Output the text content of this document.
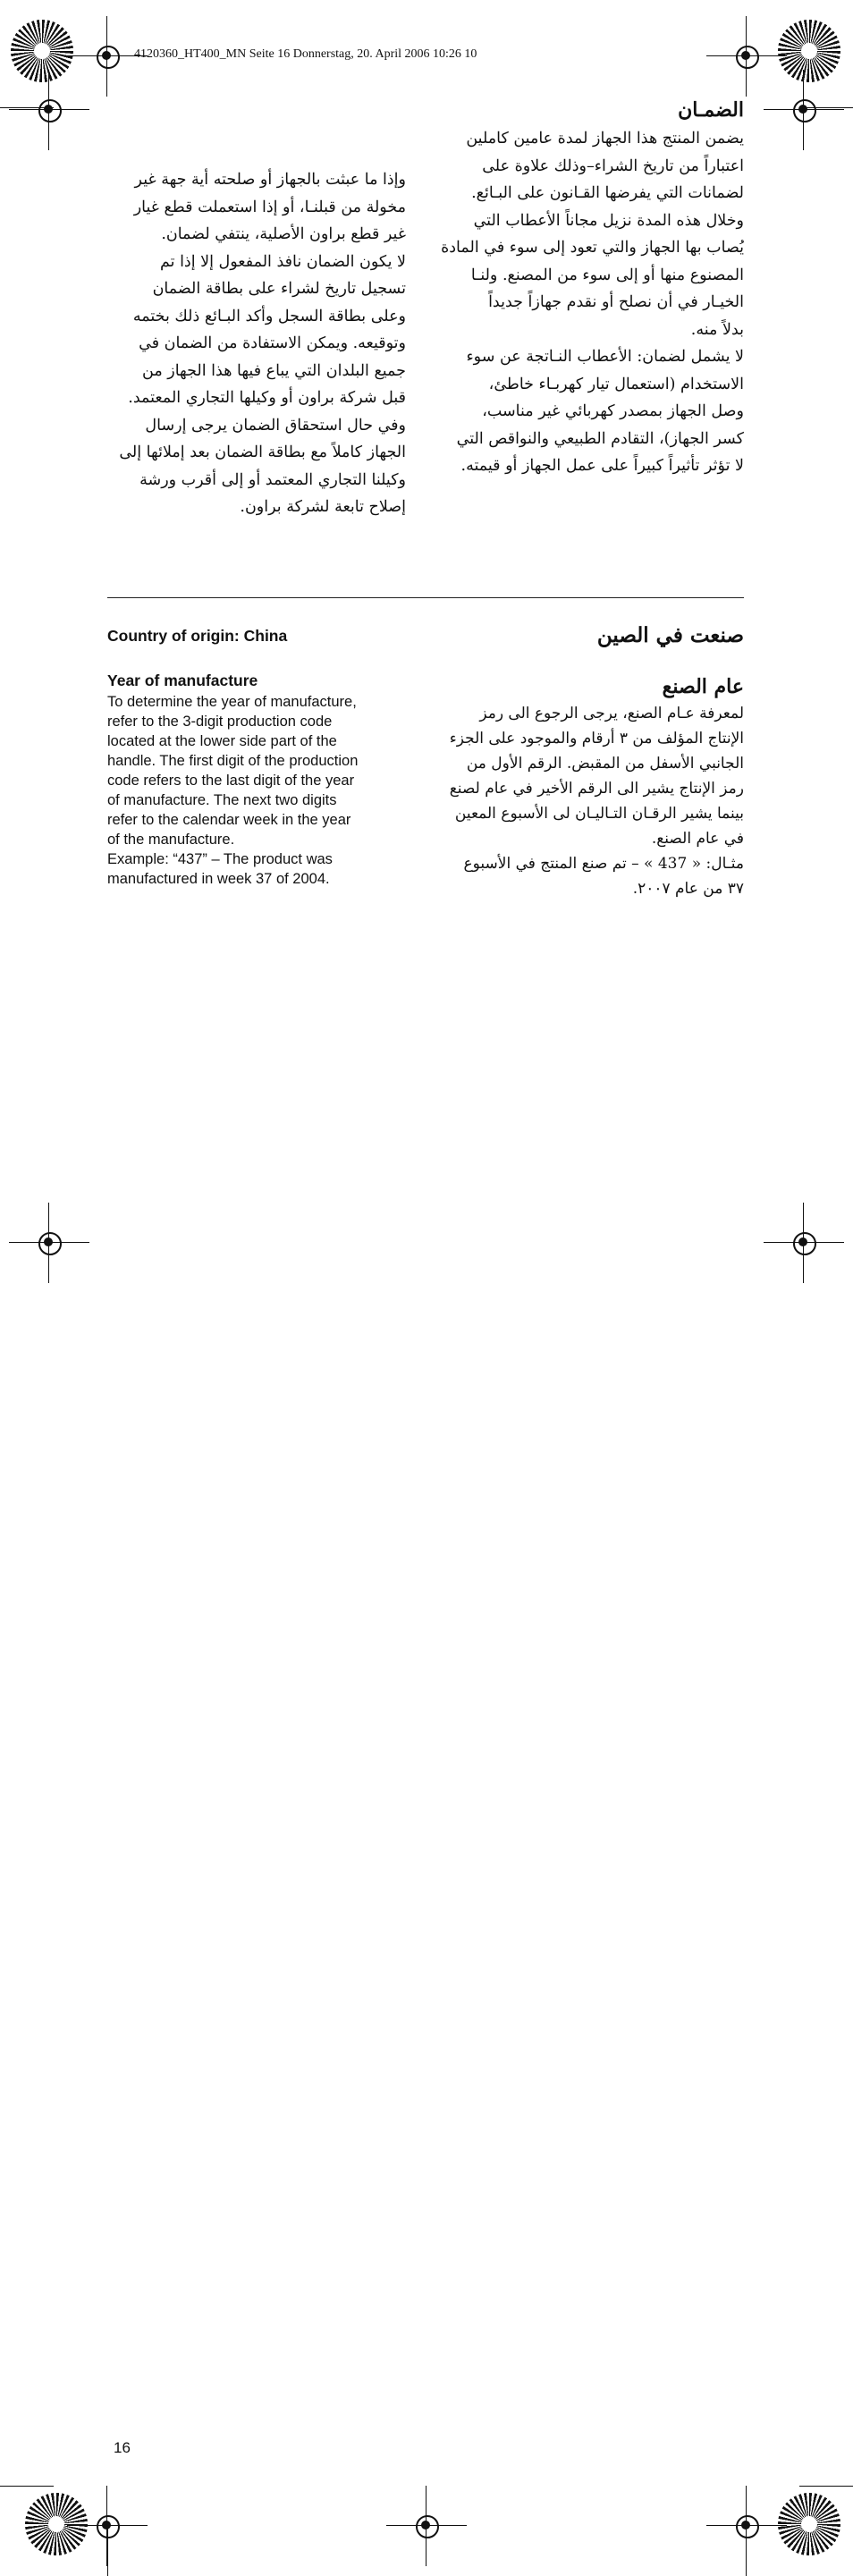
4120360_HT400_MN Seite 16 Donnerstag, 20. April 2006 10:26 10
الضمـان
يضمن المنتج هذا الجهاز لمدة عامين كاملين
اعتباراً من تاريخ الشراء–وذلك علاوة على
لضمانات التي يفرضها القـانون على البـائع.
وخلال هذه المدة نزيل مجاناً الأعطاب التي
يُصاب بها الجهاز والتي تعود إلى سوء في المادة
المصنوع منها أو إلى سوء من المصنع. ولنـا
الخيـار في أن نصلح أو نقدم جهازاً جديداً
بدلاً منه.
لا يشمل لضمان: الأعطاب النـاتجة عن سوء
الاستخدام (استعمال تيار كهربـاء خاطئ،
وصل الجهاز بمصدر كهربائي غير مناسب،
كسر الجهاز)، التقادم الطبيعي والنواقص التي
لا تؤثر تأثيراً كبيراً على عمل الجهاز أو قيمته.
وإذا ما عبثت بالجهاز أو صلحته أية جهة غير
مخولة من قبلنـا، أو إذا استعملت قطع غيار
غير قطع براون الأصلية، ينتفي لضمان.
لا يكون الضمان نافذ المفعول إلا إذا تم
تسجيل تاريخ لشراء على بطاقة الضمان
وعلى بطاقة السجل وأكد البـائع ذلك بختمه
وتوقيعه. ويمكن الاستفادة من الضمان في
جميع البلدان التي يباع فيها هذا الجهاز من
قبل شركة براون أو وكيلها التجاري المعتمد.
وفي حال استحقاق الضمان يرجى إرسال
الجهاز كاملاً مع بطاقة الضمان بعد إملائها إلى
وكيلنا التجاري المعتمد أو إلى أقرب ورشة
إصلاح تابعة لشركة براون.
Country of origin: China	صنعت في الصين
Year of manufacture
To determine the year of manufacture,
refer to the 3-digit production code
located at the lower side part of the
handle. The first digit of the production
code refers to the last digit of the year
of manufacture. The next two digits
refer to the calendar week in the year
of the manufacture.
Example: “437” – The product was
manufactured in week 37 of 2004.
عام الصنع
لمعرفة عـام الصنع، يرجى الرجوع الى رمز
الإنتاج المؤلف من ٣ أرقام والموجود على الجزء
الجانبي الأسفل من المقبض. الرقم الأول من
رمز الإنتاج يشير الى الرقم الأخير في عام لصنع
بينما يشير الرقـان التـاليـان لى الأسبوع المعين
في عام الصنع.
مثـال: « 437 » – تم صنع المنتج في الأسبوع
٣٧ من عام ٢٠٠٧.
16
